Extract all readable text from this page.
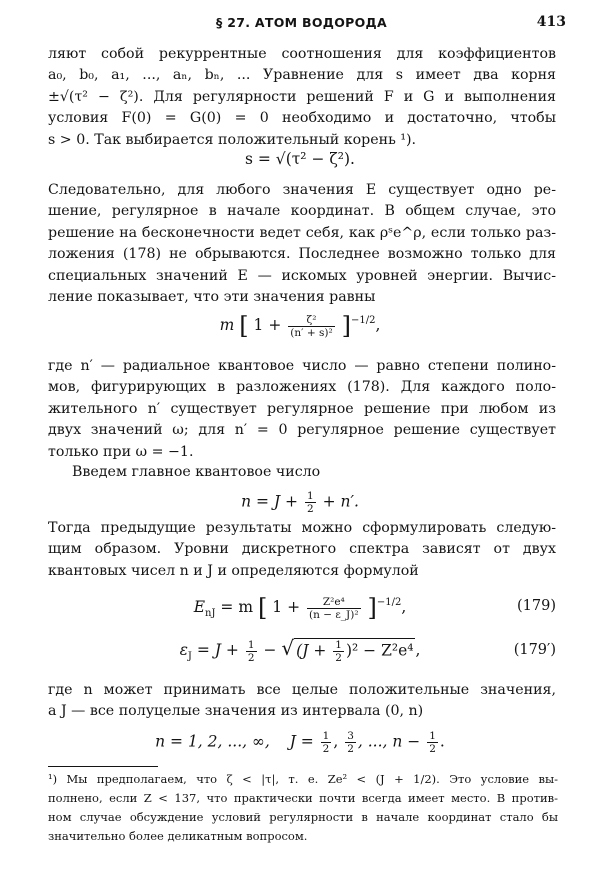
§ 27. АТОМ ВОДОРОДА	413
ляют собой рекуррентные соотношения для коэффициентов
a₀, b₀, a₁, ..., aₙ, bₙ, ... Уравнение для s имеет два корня
±√(τ² − ζ²). Для регулярности решений F и G и выполнения
условия F(0) = G(0) = 0 необходимо и достаточно, чтобы
s > 0. Так выбирается положительный корень ¹).
s = √(τ² − ζ²).
Следовательно, для любого значения E существует одно ре-
шение, регулярное в начале координат. В общем случае, это
решение на бесконечности ведет себя, как ρˢe^ρ, если только раз-
ложения (178) не обрываются. Последнее возможно только для
специальных значений E — искомых уровней энергии. Вычис-
ление показывает, что эти значения равны
m [ $1 + \frac{\text{ζ²}}{\text{(n′ + s)²}} ]^{-1/2}$,
где n′ — радиальное квантовое число — равно степени полино-
мов, фигурирующих в разложениях (178). Для каждого поло-
жительного n′ существует регулярное решение при любом из
двух значений ω; для n′ = 0 регулярное решение существует
только при ω = −1.
Введем главное квантовое число
$n = J + \frac{1}{2} + n'$.
Тогда предыдущие результаты можно сформулировать следую-
щим образом. Уровни дискретного спектра зависят от двух
квантовых чисел n и J и определяются формулой
$E_{nJ} = m$ [ $1 + \frac{\text{Z²e⁴}}{\text{(n − ε\_J)²}} ]^{-1/2}$,	(179)
$\varepsilon_J = J + \frac{1}{2}$ − √ $(J + \frac{1}{2} )^2 - Z^2e^4$ ,	(179′)
где n может принимать все целые положительные значения,
а J — все полуцелые значения из интервала (0, n)
n = 1, 2, ..., ∞, $J = \frac{1}{2}$ , $\frac{3}{2}$ , ..., $n - \frac{1}{2}$ .
¹) Мы предполагаем, что ζ < |τ|, т. е. Ze² < (J + 1/2). Это условие вы-
полнено, если Z < 137, что практически почти всегда имеет место. В против-
ном случае обсуждение условий регулярности в начале координат стало бы
значительно более деликатным вопросом.
